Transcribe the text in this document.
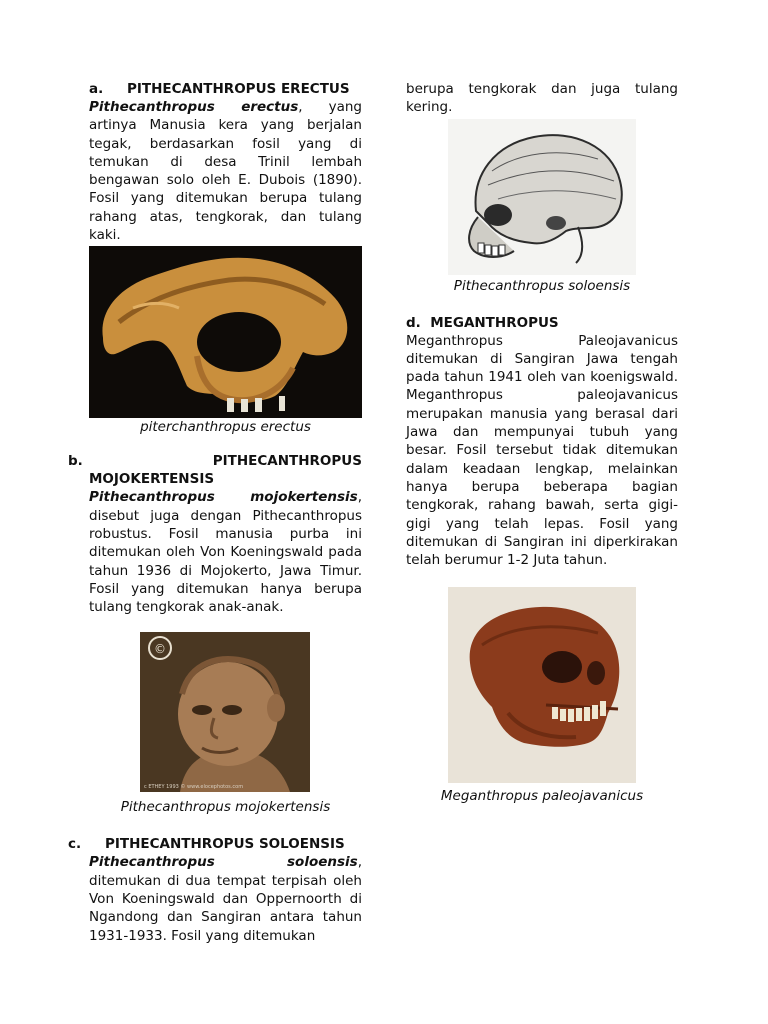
a. PITHECANTHROPUS ERECTUS

Pithecanthropus erectus, yang artinya Manusia kera yang berjalan tegak, berdasarkan fosil yang di temukan di desa Trinil lembah bengawan solo oleh E. Dubois (1890). Fosil yang ditemukan berupa tulang rahang atas, tengkorak, dan tulang kaki.

piterchanthropus erectus

b.	PITHECANTHROPUS
MOJOKERTENSIS

Pithecanthropus mojokertensis, disebut juga dengan Pithecanthropus robustus. Fosil manusia purba ini ditemukan oleh Von Koeningswald pada tahun 1936 di Mojokerto, Jawa Timur. Fosil yang ditemukan hanya berupa tulang tengkorak anak-anak.

©
c ETHEY 1993 © www.elocephotos.com

Pithecanthropus mojokertensis

c. PITHECANTHROPUS SOLOENSIS

Pithecanthropus soloensis, ditemukan di dua tempat terpisah oleh Von Koeningswald dan Oppernoorth di Ngandong dan Sangiran antara tahun 1931-1933. Fosil yang ditemukan

berupa tengkorak dan juga tulang kering.

Pithecanthropus soloensis

d. MEGANTHROPUS

Meganthropus Paleojavanicus ditemukan di Sangiran Jawa tengah pada tahun 1941 oleh van koenigswald. Meganthropus paleojavanicus merupakan manusia yang berasal dari Jawa dan mempunyai tubuh yang besar. Fosil tersebut tidak ditemukan dalam keadaan lengkap, melainkan hanya berupa beberapa bagian tengkorak, rahang bawah, serta gigi-gigi yang telah lepas. Fosil yang ditemukan di Sangiran ini diperkirakan telah berumur 1-2 Juta tahun.

Meganthropus paleojavanicus
